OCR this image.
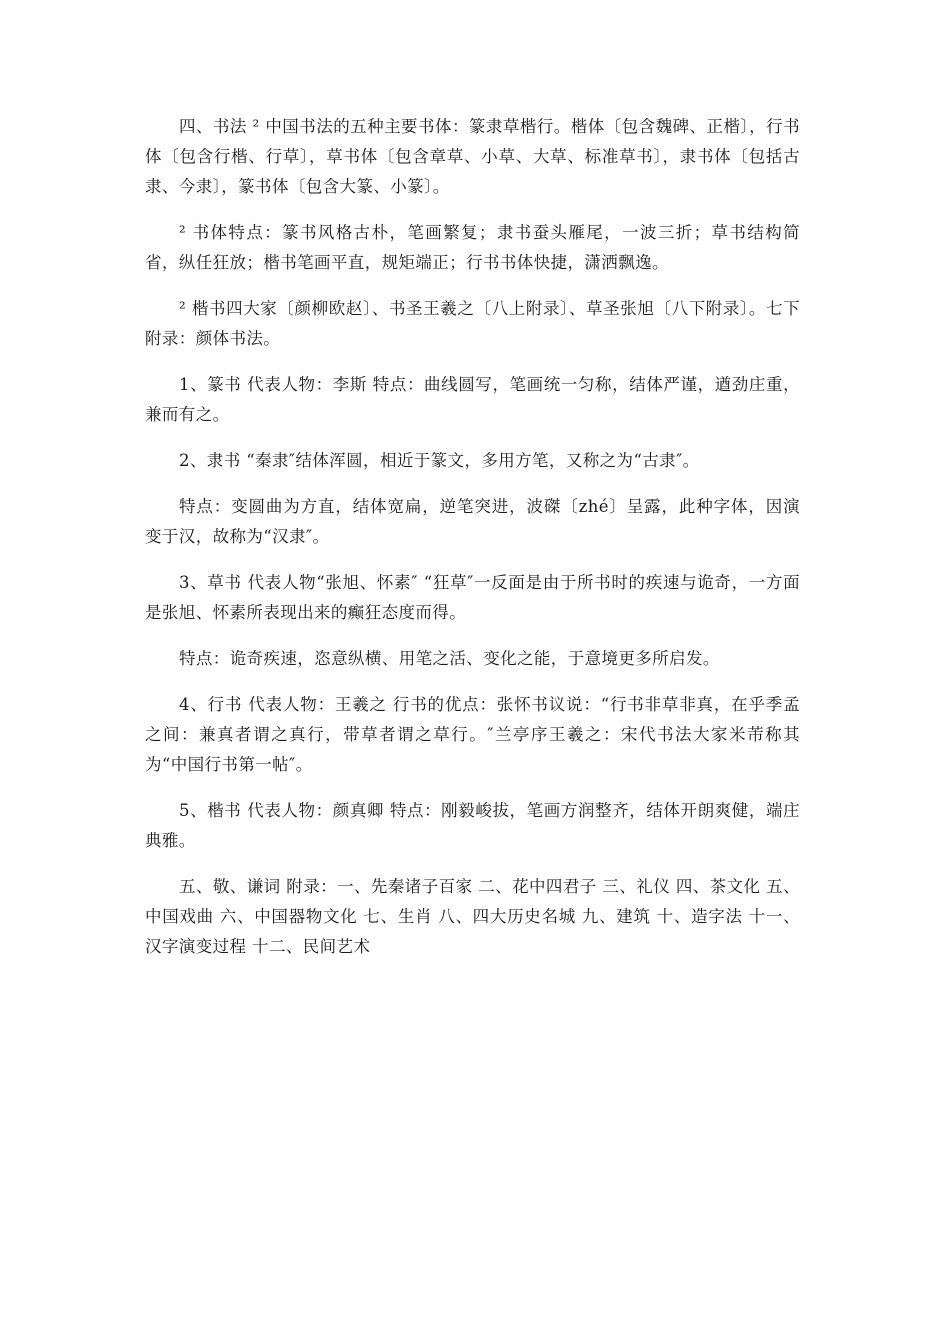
四、书法 ² 中国书法的五种主要书体：篆隶草楷行。楷体〔包含魏碑、正楷〕，行书体〔包含行楷、行草〕，草书体〔包含章草、小草、大草、标准草书〕，隶书体〔包括古隶、今隶〕，篆书体〔包含大篆、小篆〕。

² 书体特点：篆书风格古朴，笔画繁复；隶书蚕头雁尾，一波三折；草书结构简省，纵任狂放；楷书笔画平直，规矩端正；行书书体快捷，潇洒飘逸。

² 楷书四大家〔颜柳欧赵〕、书圣王羲之〔八上附录〕、草圣张旭〔八下附录〕。七下附录：颜体书法。

1、篆书 代表人物：李斯 特点：曲线圆写，笔画统一匀称，结体严谨，遒劲庄重，兼而有之。

2、隶书 “秦隶″结体浑圆，相近于篆文，多用方笔，又称之为“古隶″。

特点：变圆曲为方直，结体宽扁，逆笔突进，波磔〔zhé〕呈露，此种字体，因演变于汉，故称为“汉隶″。

3、草书 代表人物“张旭、怀素″ “狂草″一反面是由于所书时的疾速与诡奇，一方面是张旭、怀素所表现出来的癫狂态度而得。

特点：诡奇疾速，恣意纵横、用笔之活、变化之能，于意境更多所启发。

4、行书 代表人物：王羲之 行书的优点：张怀书议说：“行书非草非真，在乎季孟之间：兼真者谓之真行，带草者谓之草行。″兰亭序王羲之：宋代书法大家米芾称其为“中国行书第一帖″。

5、楷书 代表人物：颜真卿 特点：刚毅峻拔，笔画方润整齐，结体开朗爽健，端庄典雅。

五、敬、谦词 附录：一、先秦诸子百家 二、花中四君子 三、礼仪 四、茶文化 五、中国戏曲 六、中国器物文化 七、生肖 八、四大历史名城 九、建筑 十、造字法 十一、汉字演变过程 十二、民间艺术
